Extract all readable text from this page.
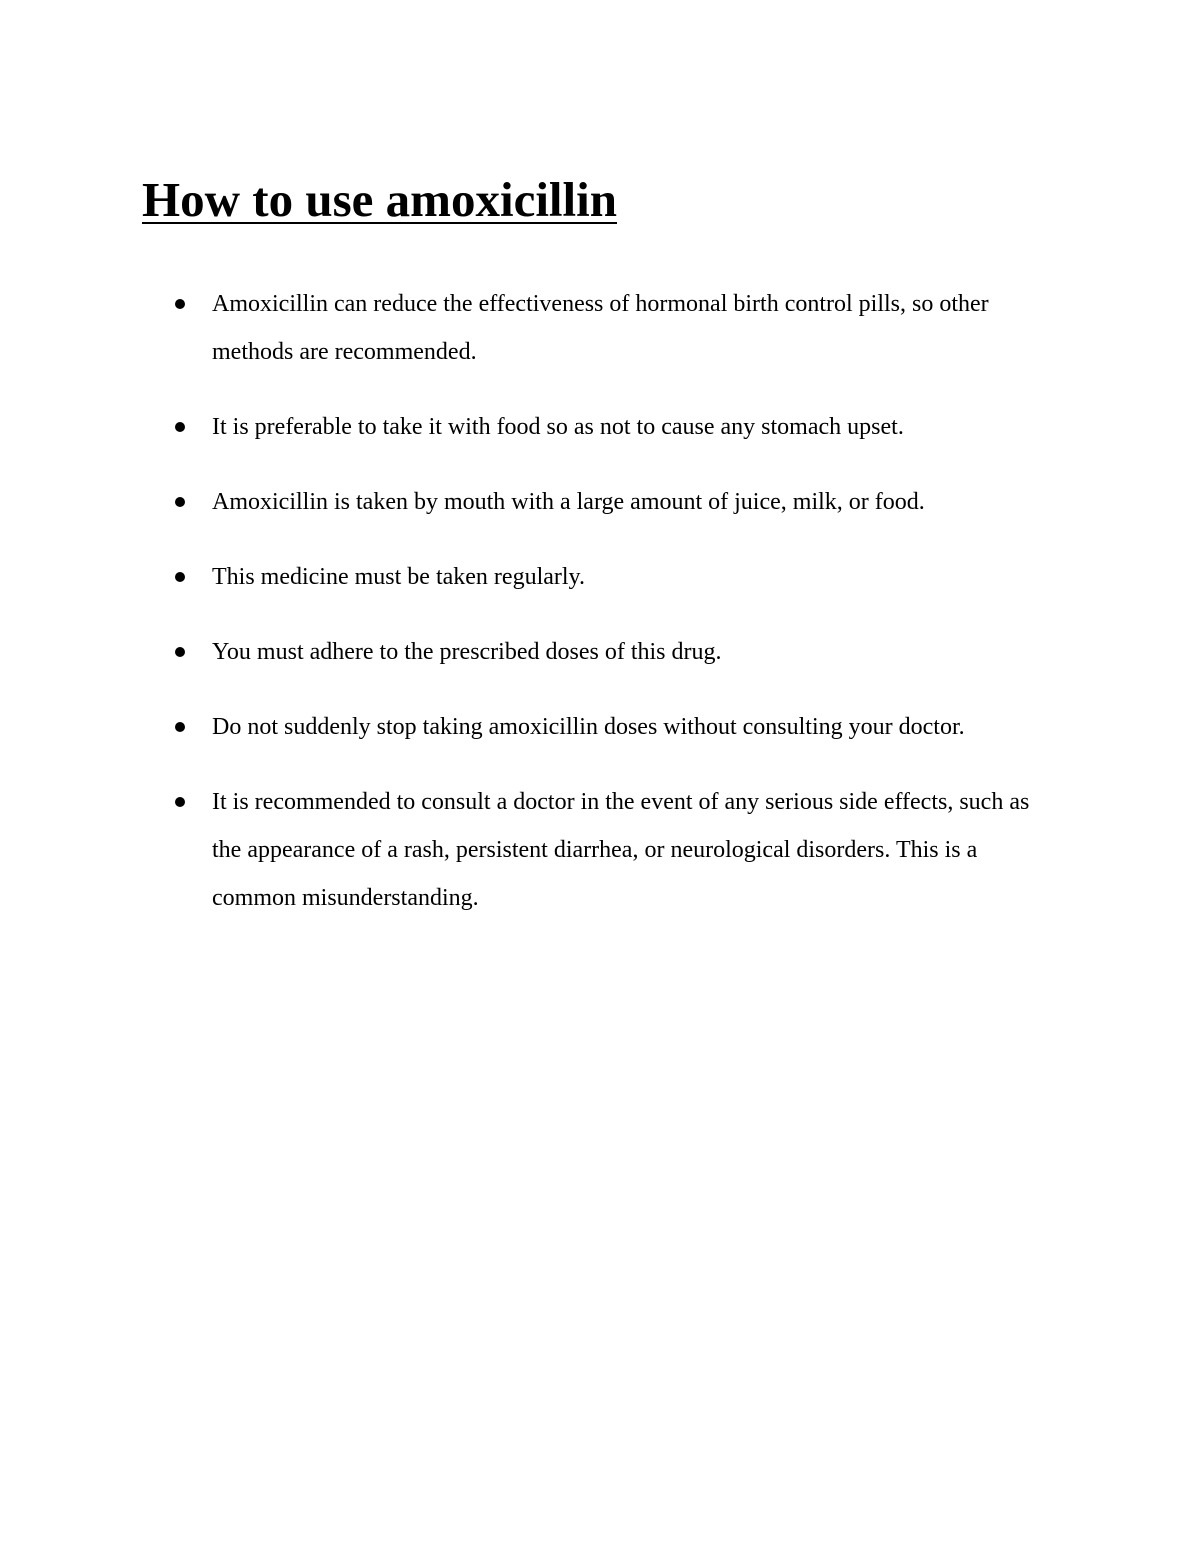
How to use amoxicillin
Amoxicillin can reduce the effectiveness of hormonal birth control pills, so other methods are recommended.
It is preferable to take it with food so as not to cause any stomach upset.
Amoxicillin is taken by mouth with a large amount of juice, milk, or food.
This medicine must be taken regularly.
You must adhere to the prescribed doses of this drug.
Do not suddenly stop taking amoxicillin doses without consulting your doctor.
It is recommended to consult a doctor in the event of any serious side effects, such as the appearance of a rash, persistent diarrhea, or neurological disorders. This is a common misunderstanding.
